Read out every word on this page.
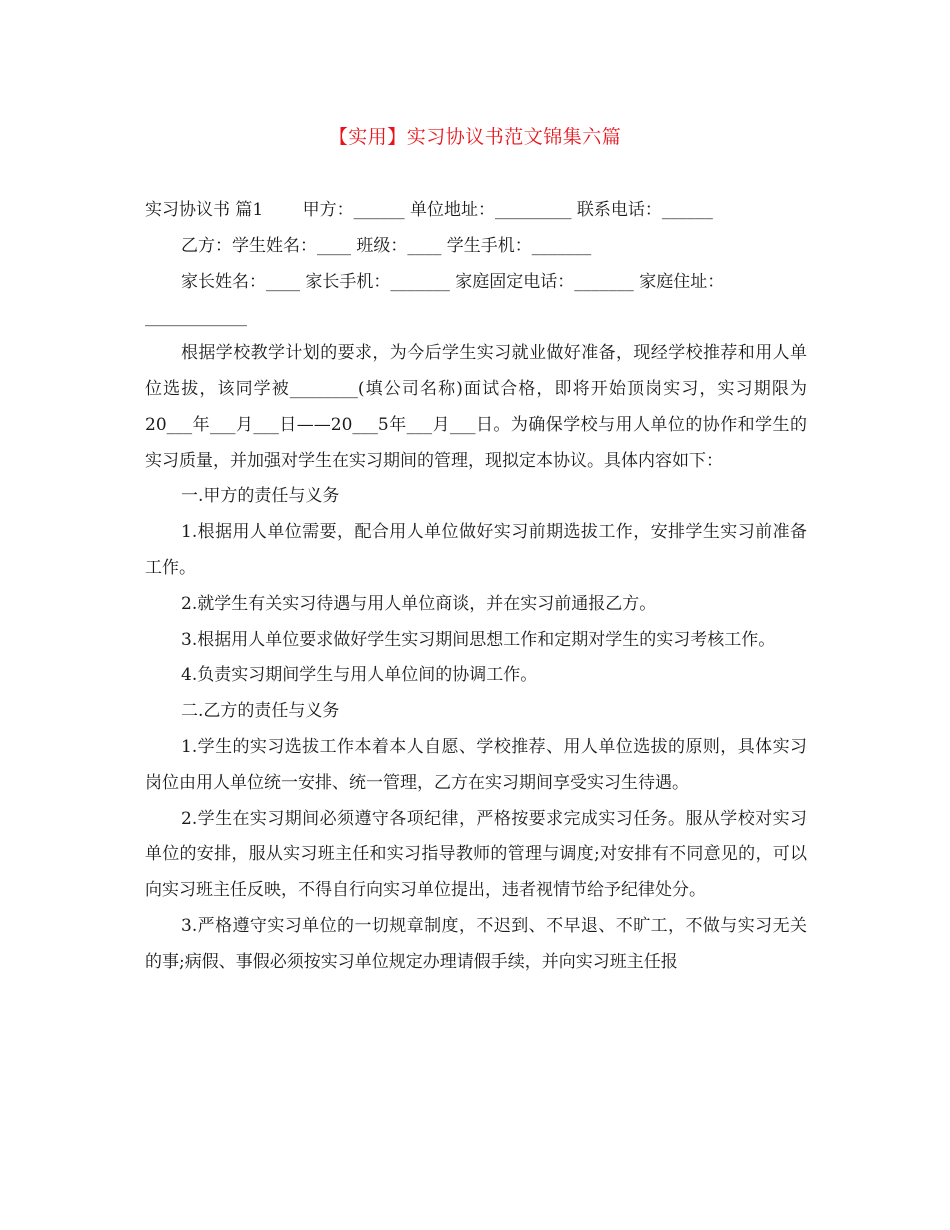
【实用】实习协议书范文锦集六篇
实习协议书 篇1　　 甲方：______ 单位地址：_________ 联系电话：______
乙方：学生姓名：____ 班级：____ 学生手机：_______
家长姓名：____ 家长手机：_______ 家庭固定电话：_______ 家庭住址：
____________

根据学校教学计划的要求，为今后学生实习就业做好准备，现经学校推荐和用人单位选拔，该同学被________(填公司名称)面试合格，即将开始顶岗实习，实习期限为20___年___月___日——20___5年___月___日。为确保学校与用人单位的协作和学生的实习质量，并加强对学生在实习期间的管理，现拟定本协议。具体内容如下：

一.甲方的责任与义务

1.根据用人单位需要，配合用人单位做好实习前期选拔工作，安排学生实习前准备工作。

2.就学生有关实习待遇与用人单位商谈，并在实习前通报乙方。

3.根据用人单位要求做好学生实习期间思想工作和定期对学生的实习考核工作。

4.负责实习期间学生与用人单位间的协调工作。

二.乙方的责任与义务

1.学生的实习选拔工作本着本人自愿、学校推荐、用人单位选拔的原则，具体实习岗位由用人单位统一安排、统一管理，乙方在实习期间享受实习生待遇。

2.学生在实习期间必须遵守各项纪律，严格按要求完成实习任务。服从学校对实习单位的安排，服从实习班主任和实习指导教师的管理与调度;对安排有不同意见的，可以向实习班主任反映，不得自行向实习单位提出，违者视情节给予纪律处分。

3.严格遵守实习单位的一切规章制度，不迟到、不早退、不旷工，不做与实习无关的事;病假、事假必须按实习单位规定办理请假手续，并向实习班主任报
